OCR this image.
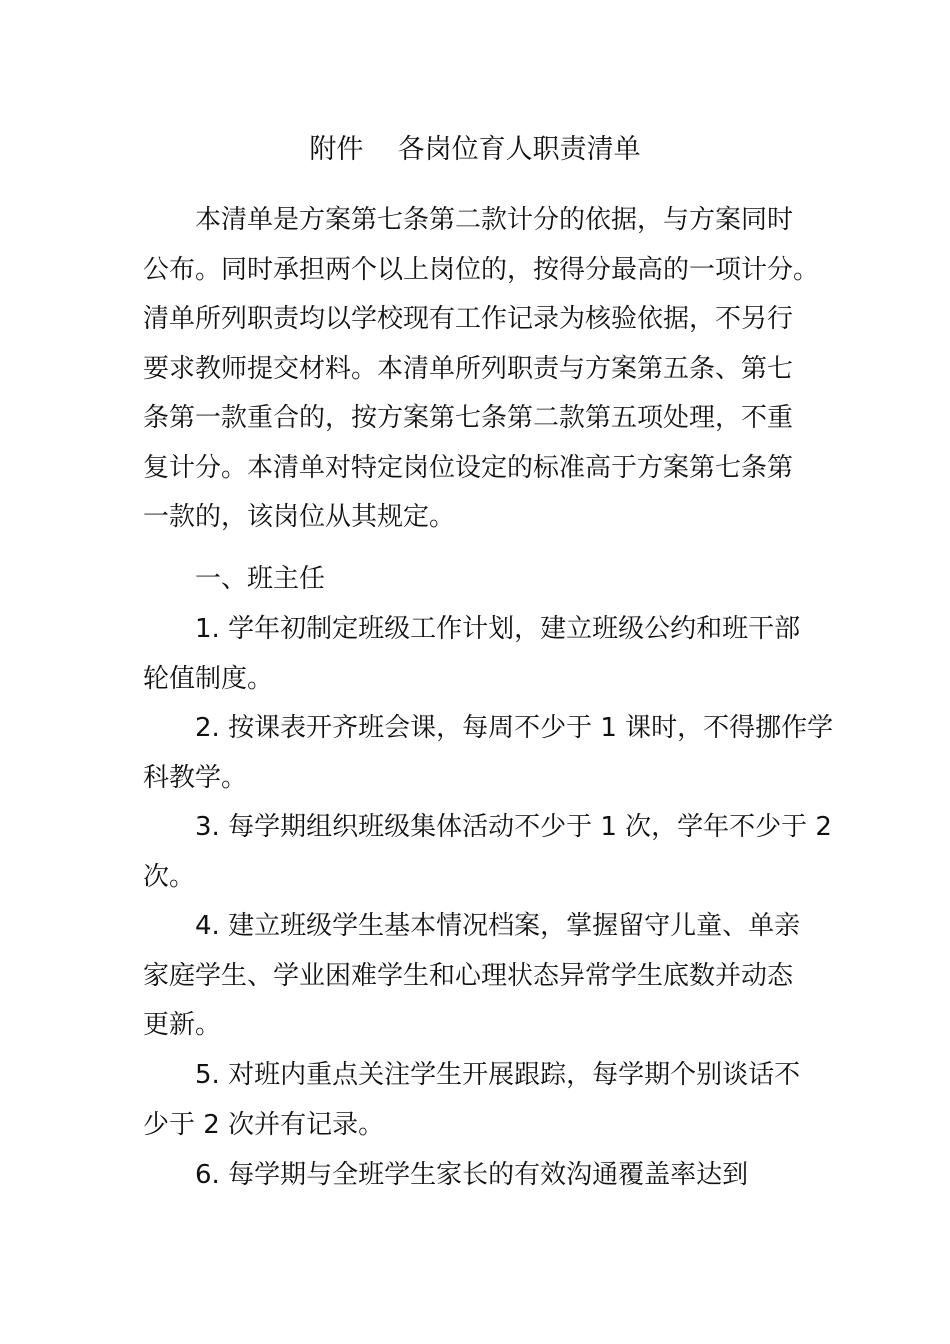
附件    各岗位育人职责清单
本清单是方案第七条第二款计分的依据，与方案同时
公布。同时承担两个以上岗位的，按得分最高的一项计分。
清单所列职责均以学校现有工作记录为核验依据，不另行
要求教师提交材料。本清单所列职责与方案第五条、第七
条第一款重合的，按方案第七条第二款第五项处理，不重
复计分。本清单对特定岗位设定的标准高于方案第七条第
一款的，该岗位从其规定。
一、班主任
1. 学年初制定班级工作计划，建立班级公约和班干部
轮值制度。
2. 按课表开齐班会课，每周不少于 1 课时，不得挪作学
科教学。
3. 每学期组织班级集体活动不少于 1 次，学年不少于 2
次。
4. 建立班级学生基本情况档案，掌握留守儿童、单亲
家庭学生、学业困难学生和心理状态异常学生底数并动态
更新。
5. 对班内重点关注学生开展跟踪，每学期个别谈话不
少于 2 次并有记录。
6. 每学期与全班学生家长的有效沟通覆盖率达到
